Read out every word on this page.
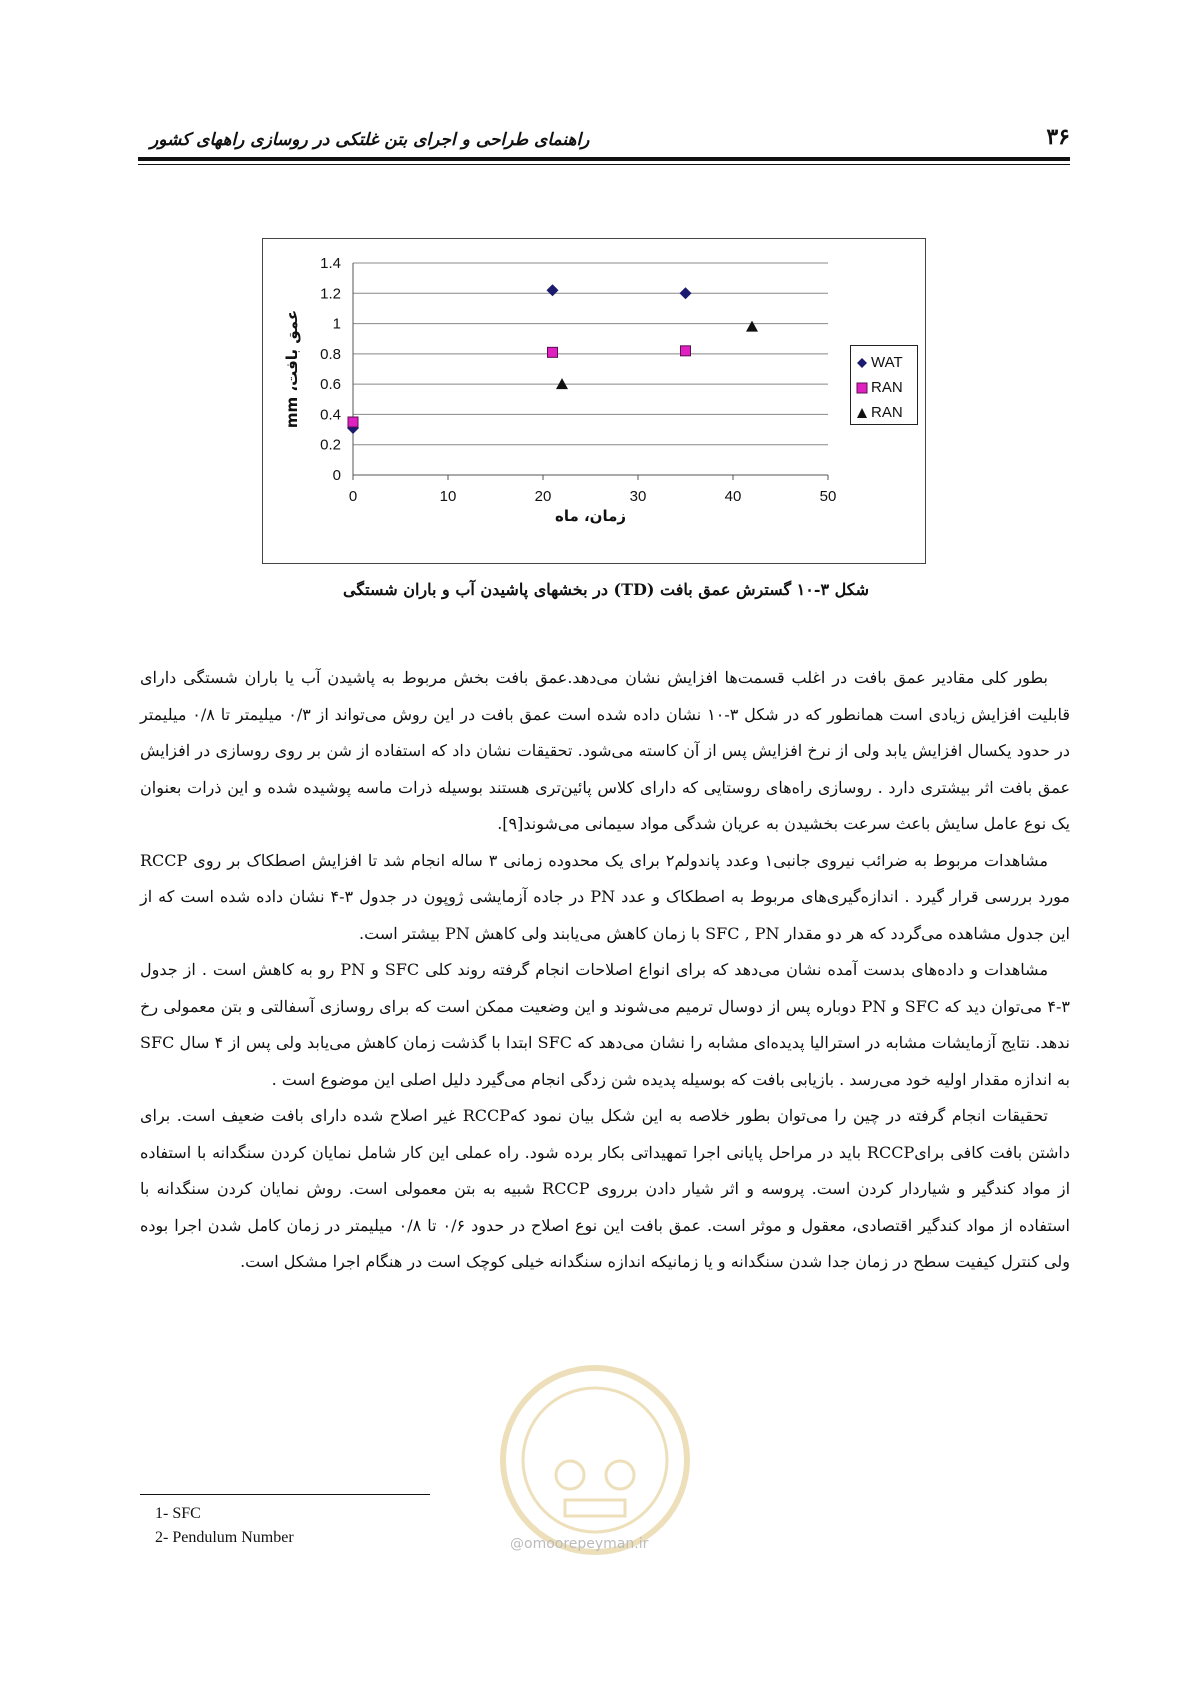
۳۶
راهنمای طراحی و اجرای بتن غلتکی در روسازی راههای کشور
0
0.2
0.4
0.6
0.8
1
1.2
1.4
0	10	20	30	40	50
زمان، ماه
عمق بافت، mm	WAT
RAN
RAN
شکل ۳-۱۰ گسترش عمق بافت (TD) در بخشهای پاشیدن آب و باران شستگی

بطور کلی مقادیر عمق بافت در اغلب قسمت‌ها افزایش نشان می‌دهد.عمق بافت بخش مربوط به پاشیدن آب یا باران شستگی دارای قابلیت افزایش زیادی است همانطور که در شکل ۳-۱۰ نشان داده شده است عمق بافت در این روش می‌تواند از ۰/۳ میلیمتر تا ۰/۸ میلیمتر در حدود یکسال افزایش یابد ولی از نرخ افزایش پس از آن کاسته می‌شود. تحقیقات نشان داد که استفاده از شن بر روی روسازی در افزایش عمق بافت اثر بیشتری دارد . روسازی راه‌های روستایی که دارای کلاس پائین‌تری هستند بوسیله ذرات ماسه پوشیده شده و این ذرات بعنوان یک نوع عامل سایش باعث سرعت بخشیدن به عریان شدگی مواد سیمانی می‌شوند[۹].

مشاهدات مربوط به ضرائب نیروی جانبی۱ وعدد پاندولم۲ برای یک محدوده زمانی ۳ ساله انجام شد تا افزایش اصطکاک بر روی RCCP مورد بررسی قرار گیرد . اندازه‌گیری‌های مربوط به اصطکاک و عدد PN در جاده آزمایشی ژوپون در جدول ۳-۴ نشان داده شده است که از این جدول مشاهده می‌گردد که هر دو مقدار SFC , PN با زمان کاهش می‌یابند ولی کاهش PN بیشتر است.

مشاهدات و داده‌های بدست آمده نشان می‌دهد که برای انواع اصلاحات انجام گرفته روند کلی SFC و PN رو به کاهش است . از جدول ۳-۴ می‌توان دید که SFC و PN دوباره پس از دوسال ترمیم می‌شوند و این وضعیت ممکن است که برای روسازی آسفالتی و بتن معمولی رخ ندهد. نتایج آزمایشات مشابه در استرالیا پدیده‌ای مشابه را نشان می‌دهد که SFC ابتدا با گذشت زمان کاهش می‌یابد ولی پس از ۴ سال SFC به اندازه مقدار اولیه خود می‌رسد . بازیابی بافت که بوسیله پدیده شن زدگی انجام می‌گیرد دلیل اصلی این موضوع است .

تحقیقات انجام گرفته در چین را می‌توان بطور خلاصه به این شکل بیان نمود کهRCCP غیر اصلاح شده دارای بافت ضعیف است. برای داشتن بافت کافی برایRCCP باید در مراحل پایانی اجرا تمهیداتی بکار برده شود. راه عملی این کار شامل نمایان کردن سنگدانه با استفاده از مواد کندگیر و شیاردار کردن است. پروسه و اثر شیار دادن برروی RCCP شبیه به بتن معمولی است. روش نمایان کردن سنگدانه با استفاده از مواد کندگیر اقتصادی، معقول و موثر است. عمق بافت این نوع اصلاح در حدود ۰/۶ تا ۰/۸ میلیمتر در زمان کامل شدن اجرا بوده ولی کنترل کیفیت سطح در زمان جدا شدن سنگدانه و یا زمانیکه اندازه سنگدانه خیلی کوچک است در هنگام اجرا مشکل است.

1- SFC
2- Pendulum Number	@omoorepeyman.ir
